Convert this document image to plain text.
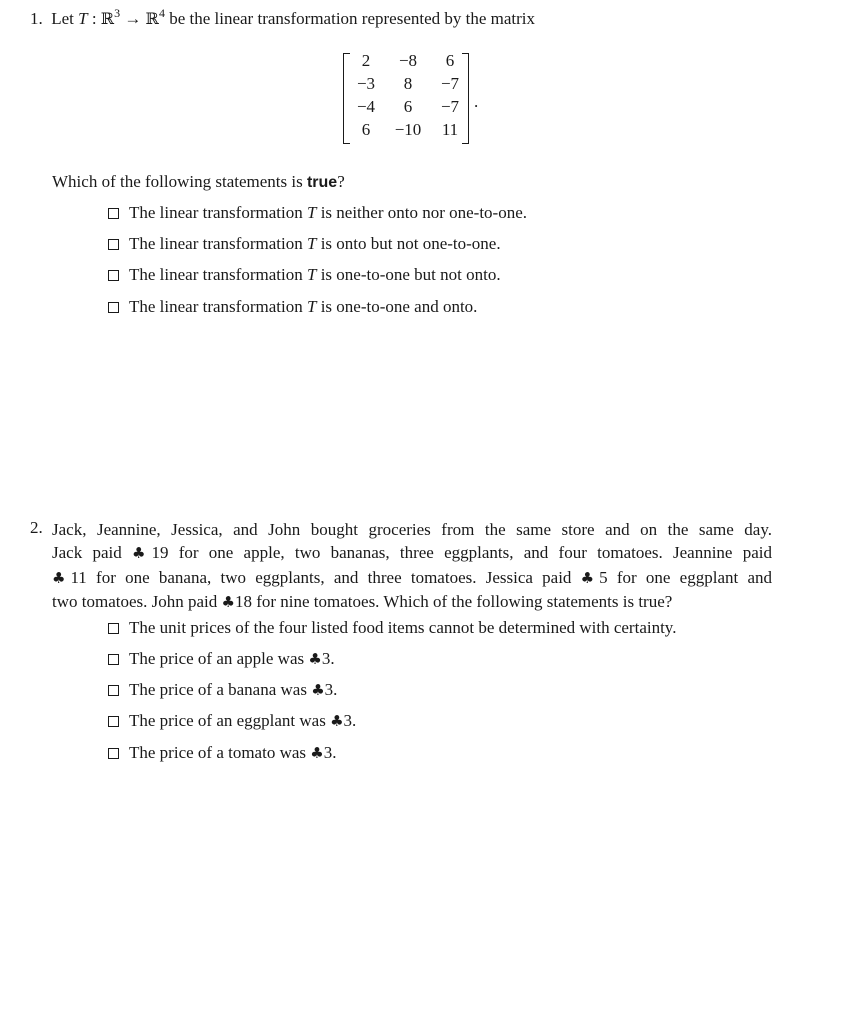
1. Let T : ℝ$^3$ → ℝ$^4$ be the linear transformation represented by the matrix
2	−8	6
−3	8	−7
−4	6	−7
6	−10	11
.
Which of the following statements is true?
The linear transformation
T
is neither onto nor one-to-one.
The linear transformation
T
is onto but not one-to-one.
The linear transformation
T
is one-to-one but not onto.
The linear transformation
T
is one-to-one and onto.
2. Jack, Jeannine, Jessica, and John bought groceries from the same store and on the same day.
Jack paid ♣19 for one apple, two bananas, three eggplants, and four tomatoes. Jeannine paid
♣11 for one banana, two eggplants, and three tomatoes. Jessica paid ♣5 for one eggplant and
two tomatoes. John paid ♣18 for nine tomatoes. Which of the following statements is true?
The unit prices of the four listed food items cannot be determined with certainty.
The price of an apple was ♣ 3.
The price of a banana was ♣ 3.
The price of an eggplant was ♣ 3.
The price of a tomato was ♣ 3.
